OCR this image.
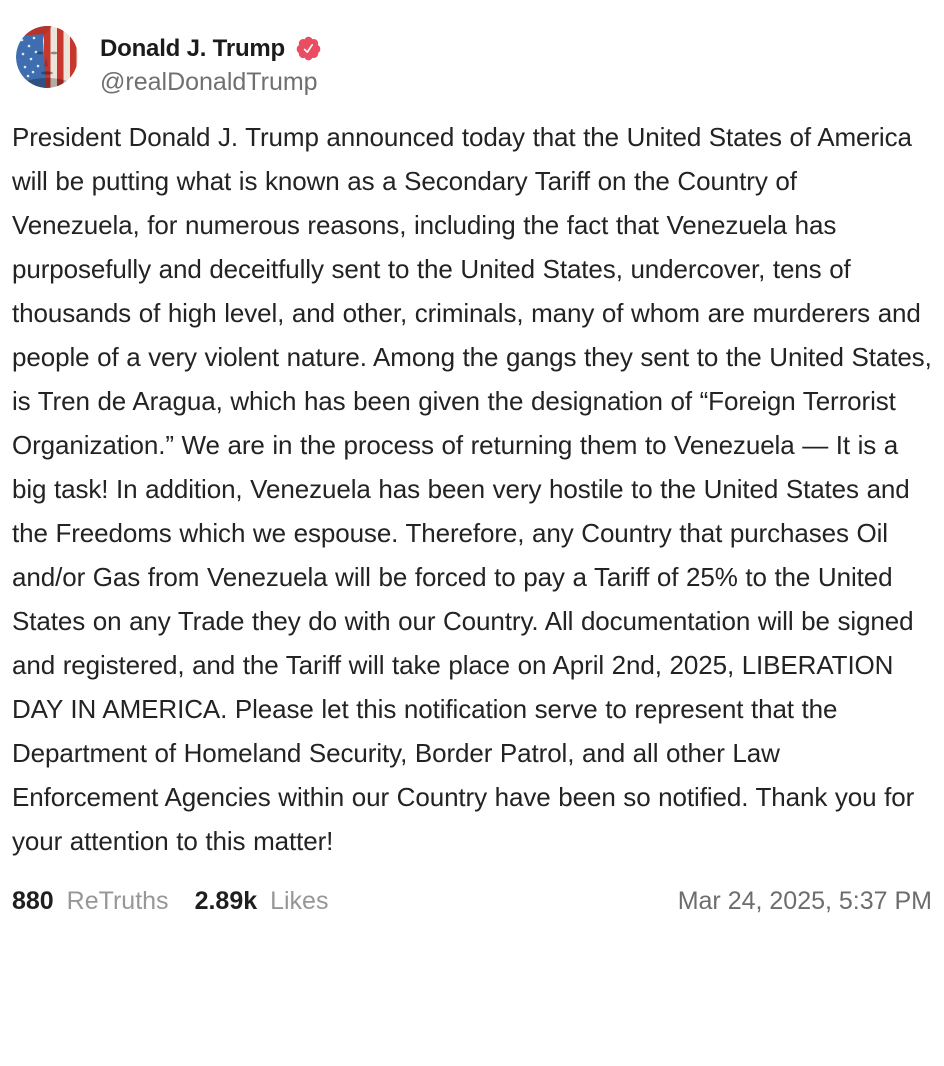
Donald J. Trump
@realDonaldTrump

President Donald J. Trump announced today that the United States of America will be putting what is known as a Secondary Tariff on the Country of Venezuela, for numerous reasons, including the fact that Venezuela has purposefully and deceitfully sent to the United States, undercover, tens of thousands of high level, and other, criminals, many of whom are murderers and people of a very violent nature. Among the gangs they sent to the United States, is Tren de Aragua, which has been given the designation of “Foreign Terrorist Organization.” We are in the process of returning them to Venezuela — It is a big task! In addition, Venezuela has been very hostile to the United States and the Freedoms which we espouse. Therefore, any Country that purchases Oil and/or Gas from Venezuela will be forced to pay a Tariff of 25% to the United States on any Trade they do with our Country. All documentation will be signed and registered, and the Tariff will take place on April 2nd, 2025, LIBERATION DAY IN AMERICA. Please let this notification serve to represent that the Department of Homeland Security, Border Patrol, and all other Law Enforcement Agencies within our Country have been so notified. Thank you for your attention to this matter!

880 ReTruths 2.89k Likes	Mar 24, 2025, 5:37 PM
